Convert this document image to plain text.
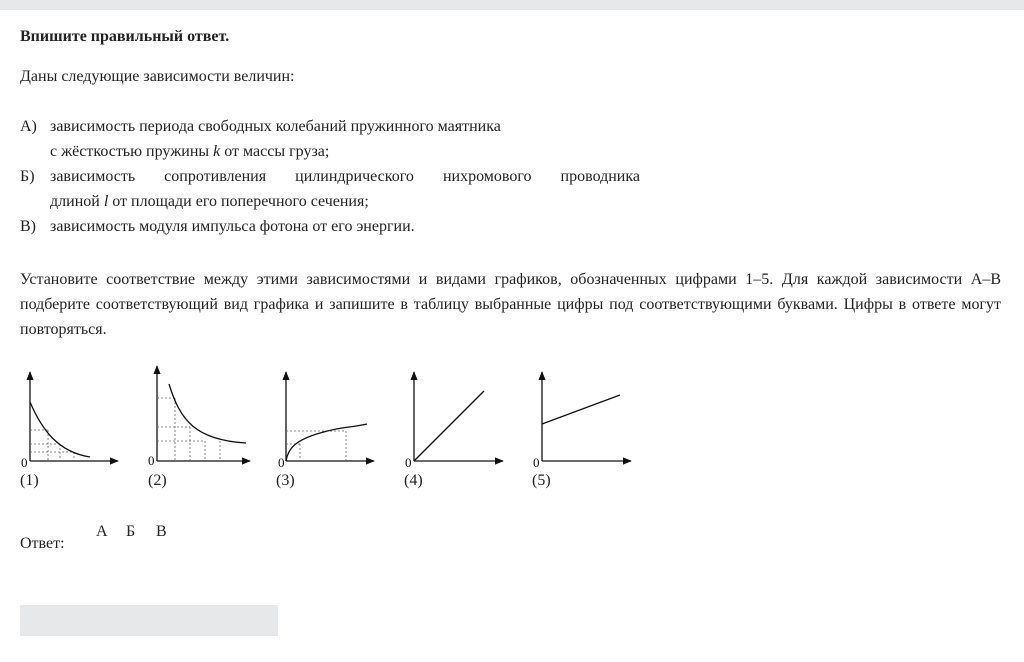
Впишите правильный ответ.
Даны следующие зависимости величин:
А) зависимость периода свободных колебаний пружинного маятника
с жёсткостью пружины k от массы груза;
Б) зависимость сопротивления цилиндрического нихромового проводника
длиной l от площади его поперечного сечения;
В) зависимость модуля импульса фотона от его энергии.
Установите соответствие между этими зависимостями и видами графиков, обозначенных цифрами 1–5. Для каждой зависимости А–В подберите соответствующий вид графика и запишите в таблицу выбранные цифры под соответствующими буквами. Цифры в ответе могут повторяться.
0	0	0	0	0
(1)	(2)	(3)	(4)	(5)
Ответ:
А Б В
